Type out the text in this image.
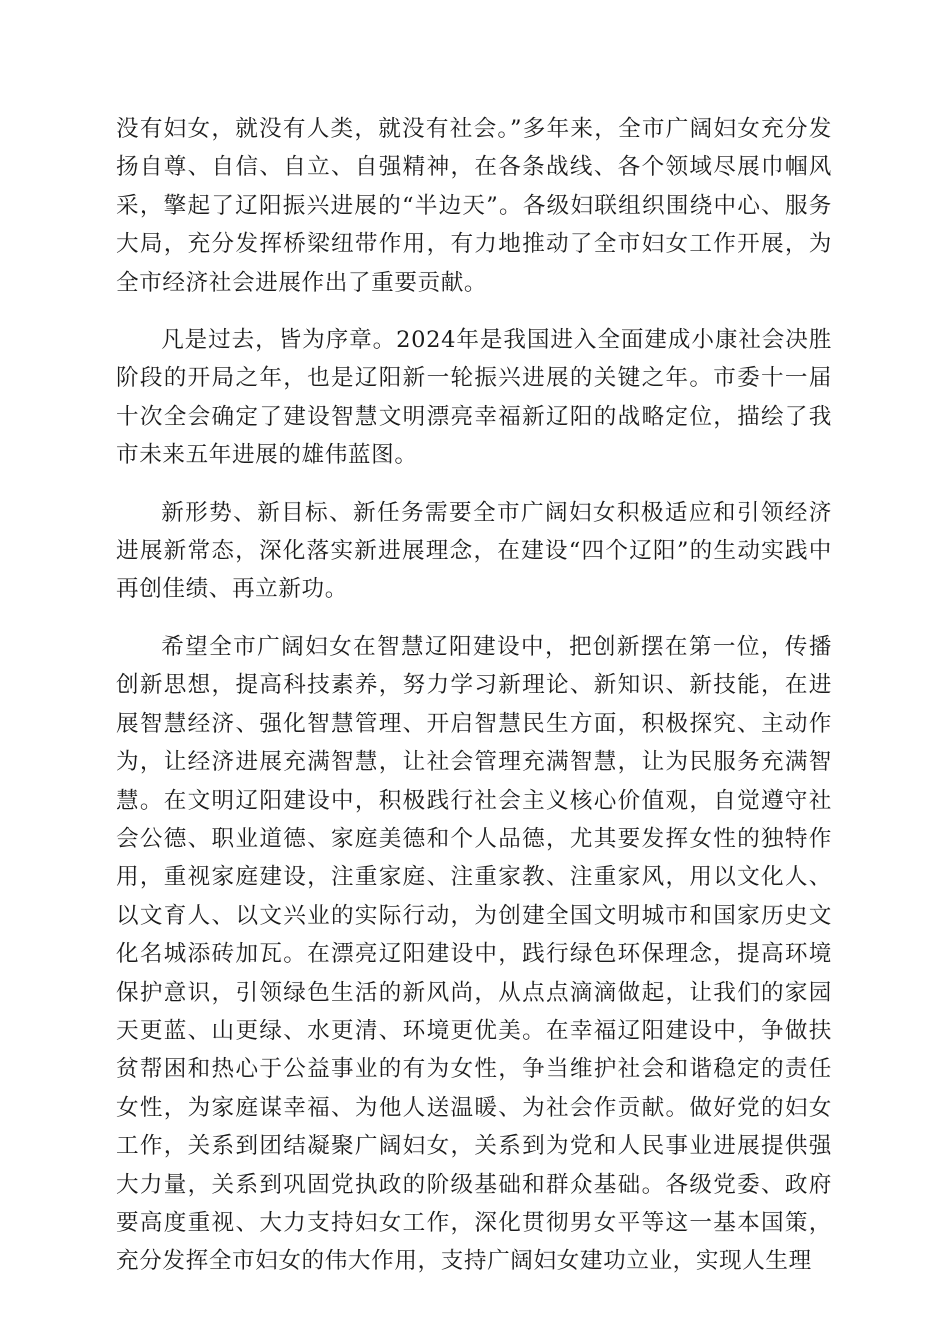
没有妇女，就没有人类，就没有社会。”多年来，全市广阔妇女充分发扬自尊、自信、自立、自强精神，在各条战线、各个领域尽展巾帼风采，擎起了辽阳振兴进展的“半边天”。各级妇联组织围绕中心、服务大局，充分发挥桥梁纽带作用，有力地推动了全市妇女工作开展，为全市经济社会进展作出了重要贡献。

凡是过去，皆为序章。2024年是我国进入全面建成小康社会决胜阶段的开局之年，也是辽阳新一轮振兴进展的关键之年。市委十一届十次全会确定了建设智慧文明漂亮幸福新辽阳的战略定位，描绘了我市未来五年进展的雄伟蓝图。

新形势、新目标、新任务需要全市广阔妇女积极适应和引领经济进展新常态，深化落实新进展理念，在建设“四个辽阳”的生动实践中再创佳绩、再立新功。

希望全市广阔妇女在智慧辽阳建设中，把创新摆在第一位，传播创新思想，提高科技素养，努力学习新理论、新知识、新技能，在进展智慧经济、强化智慧管理、开启智慧民生方面，积极探究、主动作为，让经济进展充满智慧，让社会管理充满智慧，让为民服务充满智慧。在文明辽阳建设中，积极践行社会主义核心价值观，自觉遵守社会公德、职业道德、家庭美德和个人品德，尤其要发挥女性的独特作用，重视家庭建设，注重家庭、注重家教、注重家风，用以文化人、以文育人、以文兴业的实际行动，为创建全国文明城市和国家历史文化名城添砖加瓦。在漂亮辽阳建设中，践行绿色环保理念，提高环境保护意识，引领绿色生活的新风尚，从点点滴滴做起，让我们的家园天更蓝、山更绿、水更清、环境更优美。在幸福辽阳建设中，争做扶贫帮困和热心于公益事业的有为女性，争当维护社会和谐稳定的责任女性，为家庭谋幸福、为他人送温暖、为社会作贡献。做好党的妇女工作，关系到团结凝聚广阔妇女，关系到为党和人民事业进展提供强大力量，关系到巩固党执政的阶级基础和群众基础。各级党委、政府要高度重视、大力支持妇女工作，深化贯彻男女平等这一基本国策，充分发挥全市妇女的伟大作用，支持广阔妇女建功立业，实现人生理
